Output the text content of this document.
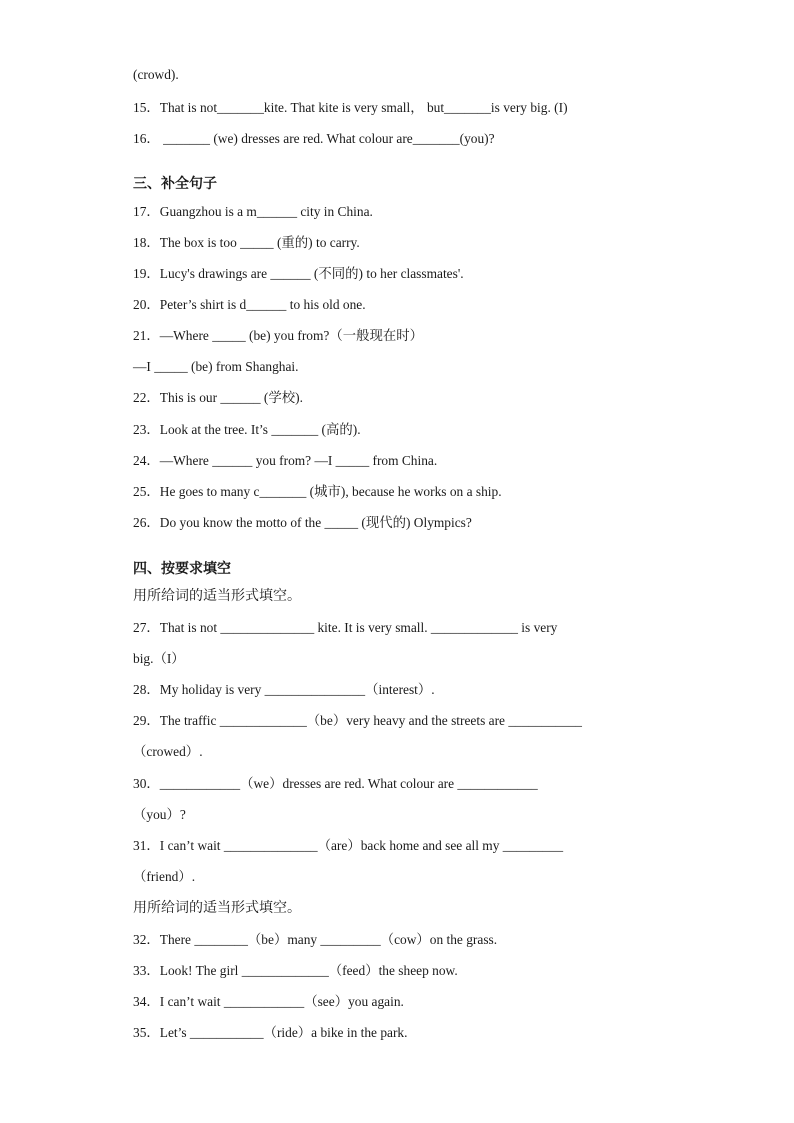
(crowd).
15．That is not_______kite. That kite is very small， but_______is very big. (I)
16． _______ (we) dresses are red. What colour are_______(you)?
三、补全句子
17．Guangzhou is a m______ city in China.
18．The box is too _____ (重的) to carry.
19．Lucy's drawings are ______ (不同的) to her classmates'.
20．Peter’s shirt is d______ to his old one.
21．—Where _____ (be) you from?（一般现在时）
—I _____ (be) from Shanghai.
22．This is our ______ (学校).
23．Look at the tree. It’s _______ (高的).
24．—Where ______ you from? —I _____ from China.
25．He goes to many c_______ (城市), because he works on a ship.
26．Do you know the motto of the _____ (现代的) Olympics?
四、按要求填空
用所给词的适当形式填空。
27．That is not ______________ kite. It is very small. _____________ is very
big.（I）
28．My holiday is very _______________（interest）.
29．The traffic _____________（be）very heavy and the streets are ___________
（crowed）.
30．____________（we）dresses are red. What colour are ____________
（you）?
31．I can’t wait ______________（are）back home and see all my _________
（friend）.
用所给词的适当形式填空。
32．There ________（be）many _________（cow）on the grass.
33．Look! The girl _____________（feed）the sheep now.
34．I can’t wait ____________（see）you again.
35．Let’s ___________（ride）a bike in the park.
